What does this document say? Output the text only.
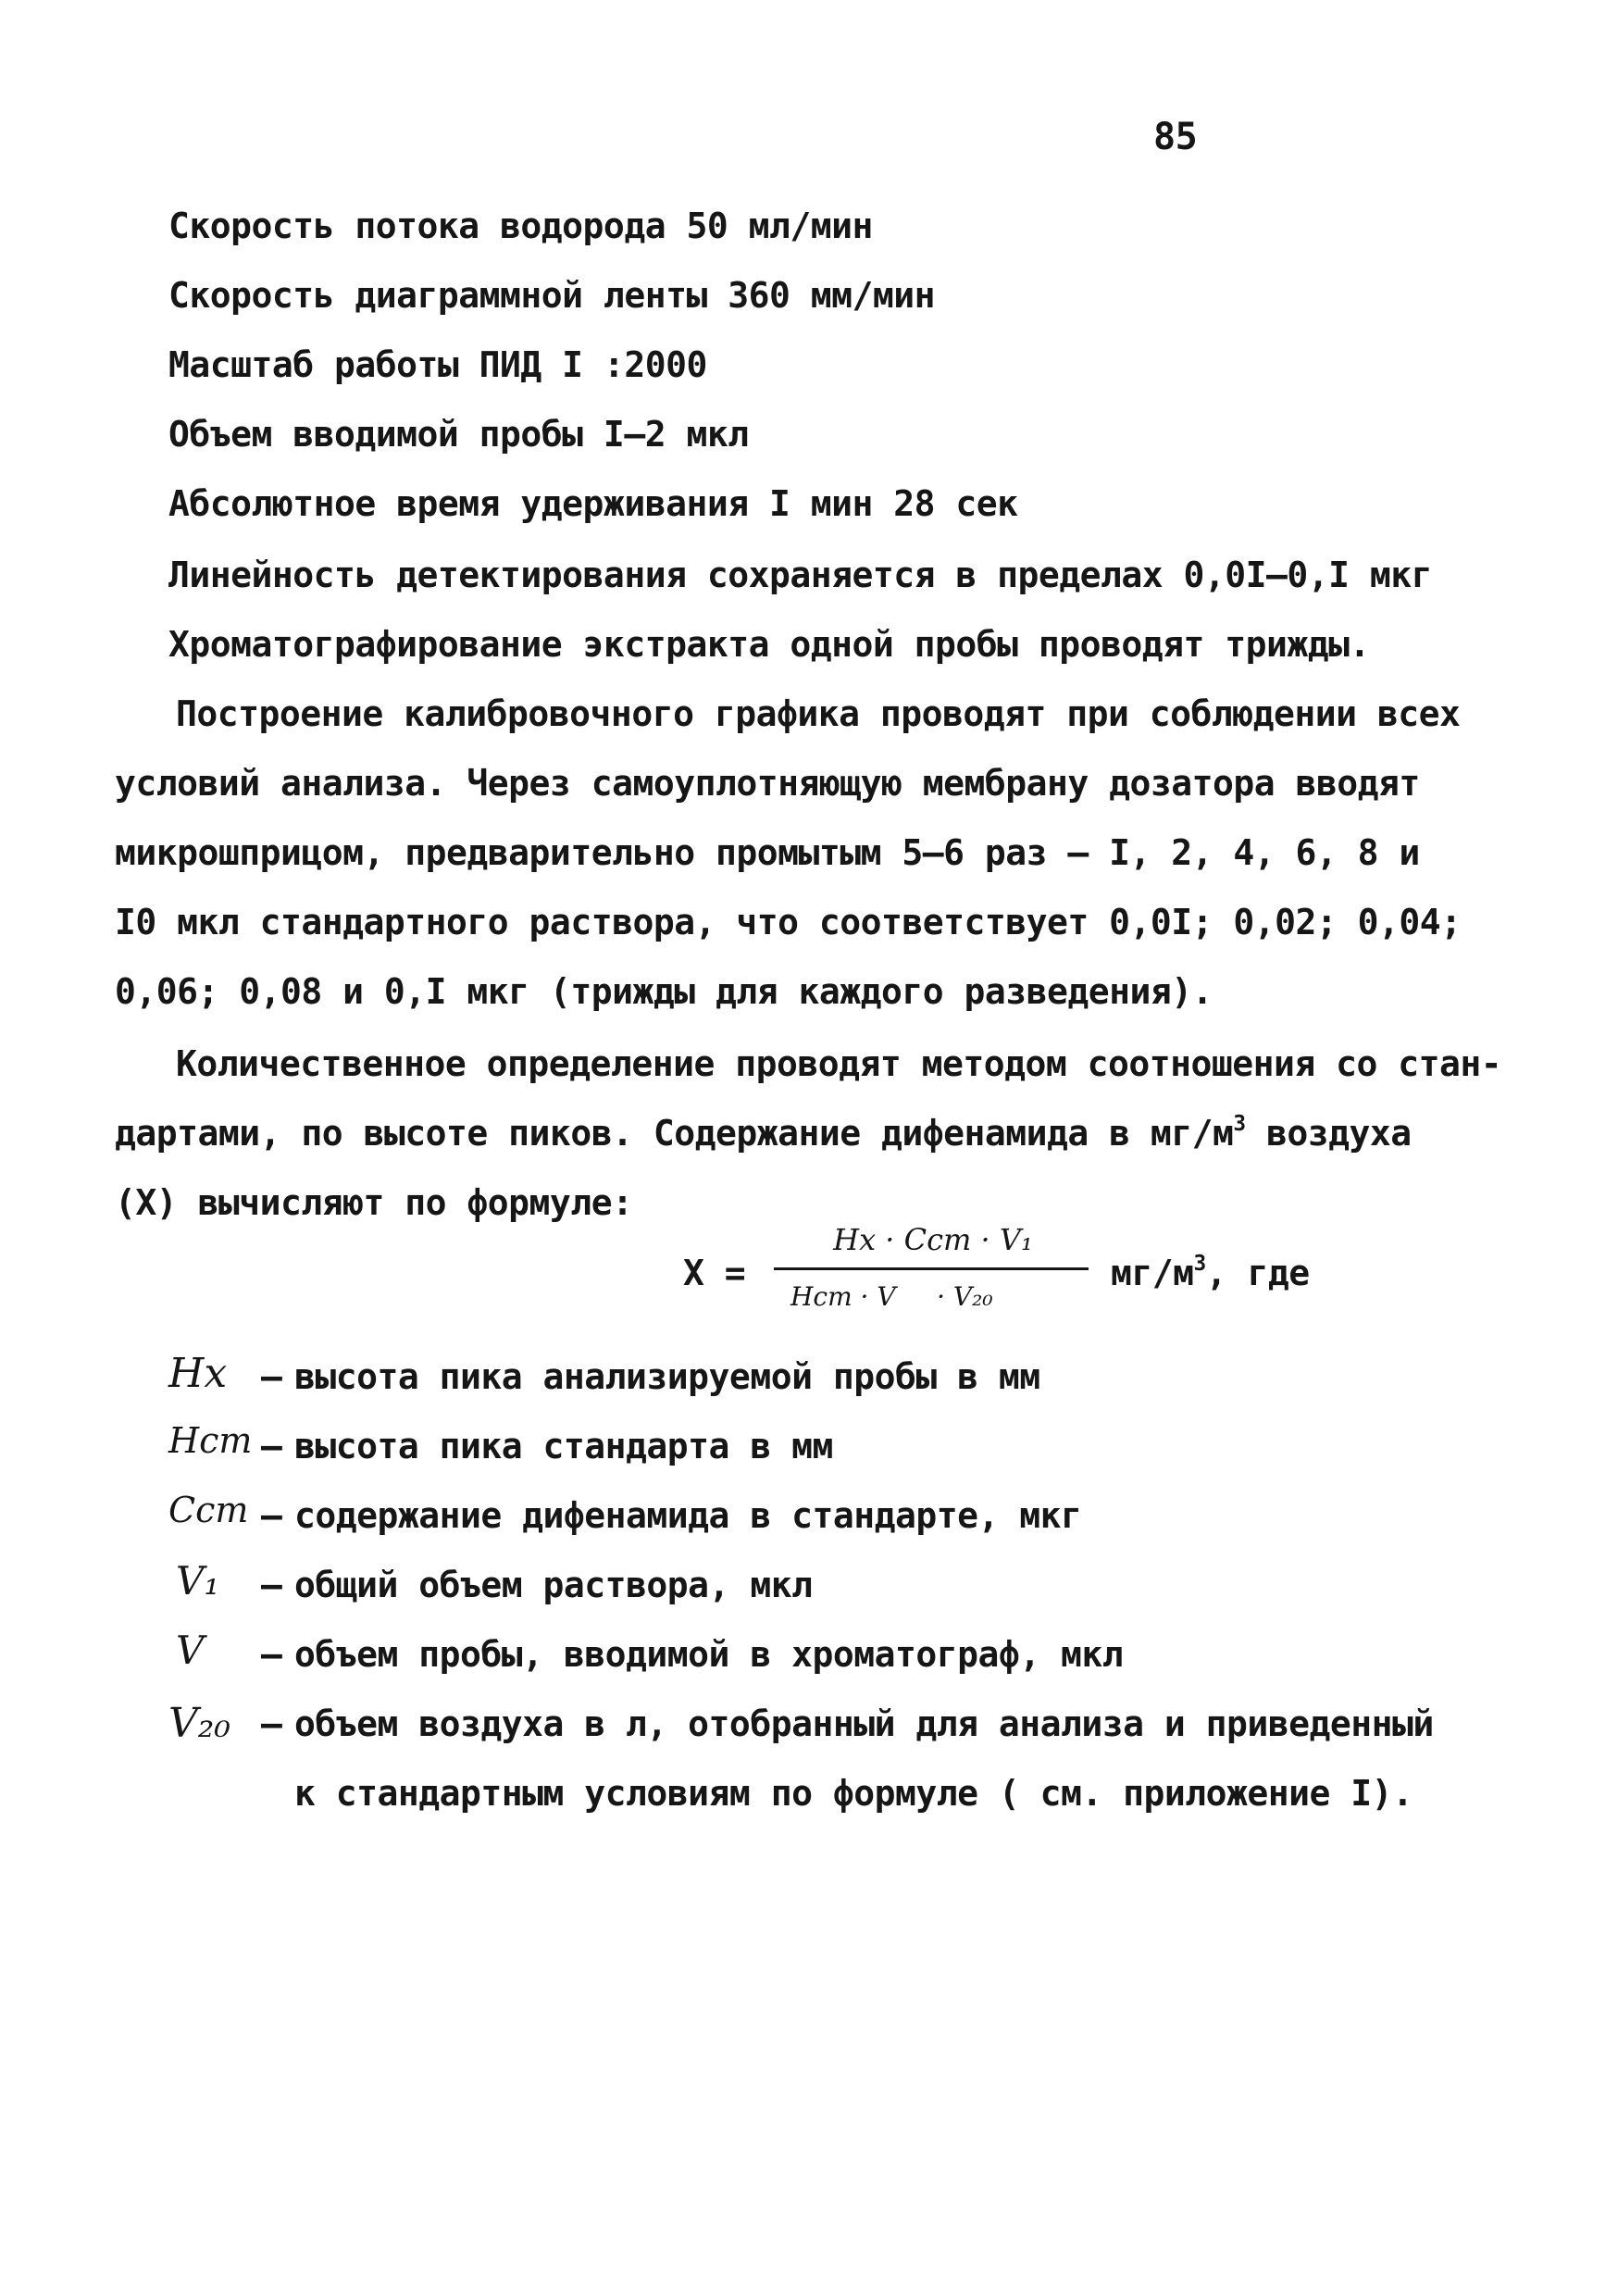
85
Скорость потока водорода 50 мл/мин
Скорость диаграммной ленты 360 мм/мин
Масштаб работы ПИД I :2000
Объем вводимой пробы I–2 мкл
Абсолютное время удерживания I мин 28 сек
Линейность детектирования сохраняется в пределах 0,0I–0,I мкг
Хроматографирование экстракта одной пробы проводят трижды.
Построение калибровочного графика проводят при соблюдении всех
условий анализа. Через самоуплотняющую мембрану дозатора вводят
микрошприцом, предварительно промытым 5–6 раз – I, 2, 4, 6, 8 и
I0 мкл стандартного раствора, что соответствует 0,0I; 0,02; 0,04;
0,06; 0,08 и 0,I мкг (трижды для каждого разведения).
Количественное определение проводят методом соотношения со стан-
дартами, по высоте пиков. Содержание дифенамида в $мг/м^3$ воздуха
(X) вычисляют по формуле:
X =
Hx · Cст · V₁
Hст · V     · V₂₀
$мг/м^3$, где
Hx – высота пика анализируемой пробы в мм
Hст – высота пика стандарта в мм
Cст – содержание дифенамида в стандарте, мкг
V₁ – общий объем раствора, мкл
V – объем пробы, вводимой в хроматограф, мкл
V₂₀ – объем воздуха в л, отобранный для анализа и приведенный
к стандартным условиям по формуле ( см. приложение I).
